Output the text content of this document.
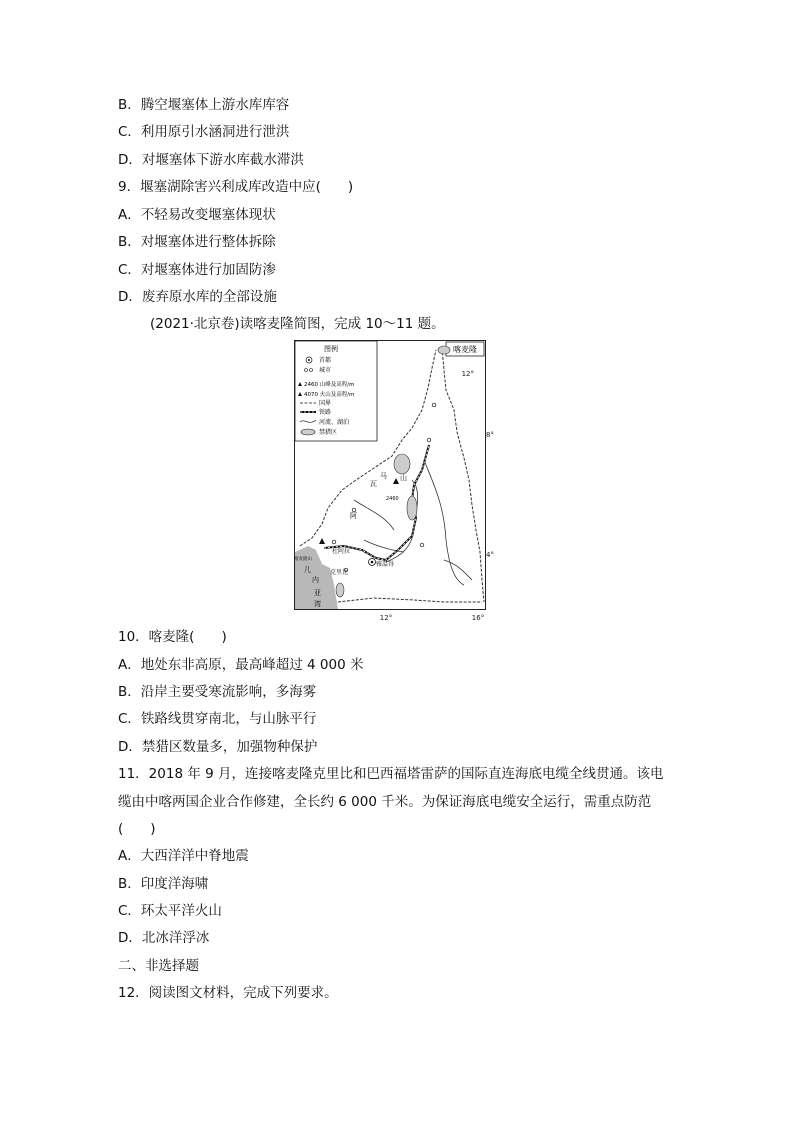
B．腾空堰塞体上游水库库容
C．利用原引水涵洞进行泄洪
D．对堰塞体下游水库截水滞洪
9．堰塞湖除害兴利成库改造中应(　　)
A．不轻易改变堰塞体现状
B．对堰塞体进行整体拆除
C．对堰塞体进行加固防渗
D．废弃原水库的全部设施
(2021·北京卷)读喀麦隆简图，完成 10～11 题。
喀麦隆
图例
首都
城市
2460 山峰及高程/m
4070 火山及高程/m
国界
铁路
河流、湖泊
禁猎区
12°
8°
4°
12°	16°
山
马
瓦
阿
杜阿拉
克里比
雅温得
喀麦隆山
2460
几
内
亚
湾
10．喀麦隆(　　)
A．地处东非高原，最高峰超过 4 000 米
B．沿岸主要受寒流影响，多海雾
C．铁路线贯穿南北，与山脉平行
D．禁猎区数量多，加强物种保护
11．2018 年 9 月，连接喀麦隆克里比和巴西福塔雷萨的国际直连海底电缆全线贯通。该电
缆由中喀两国企业合作修建，全长约 6 000 千米。为保证海底电缆安全运行，需重点防范
(　　)
A．大西洋洋中脊地震
B．印度洋海啸
C．环太平洋火山
D．北冰洋浮冰
二、非选择题
12．阅读图文材料，完成下列要求。
